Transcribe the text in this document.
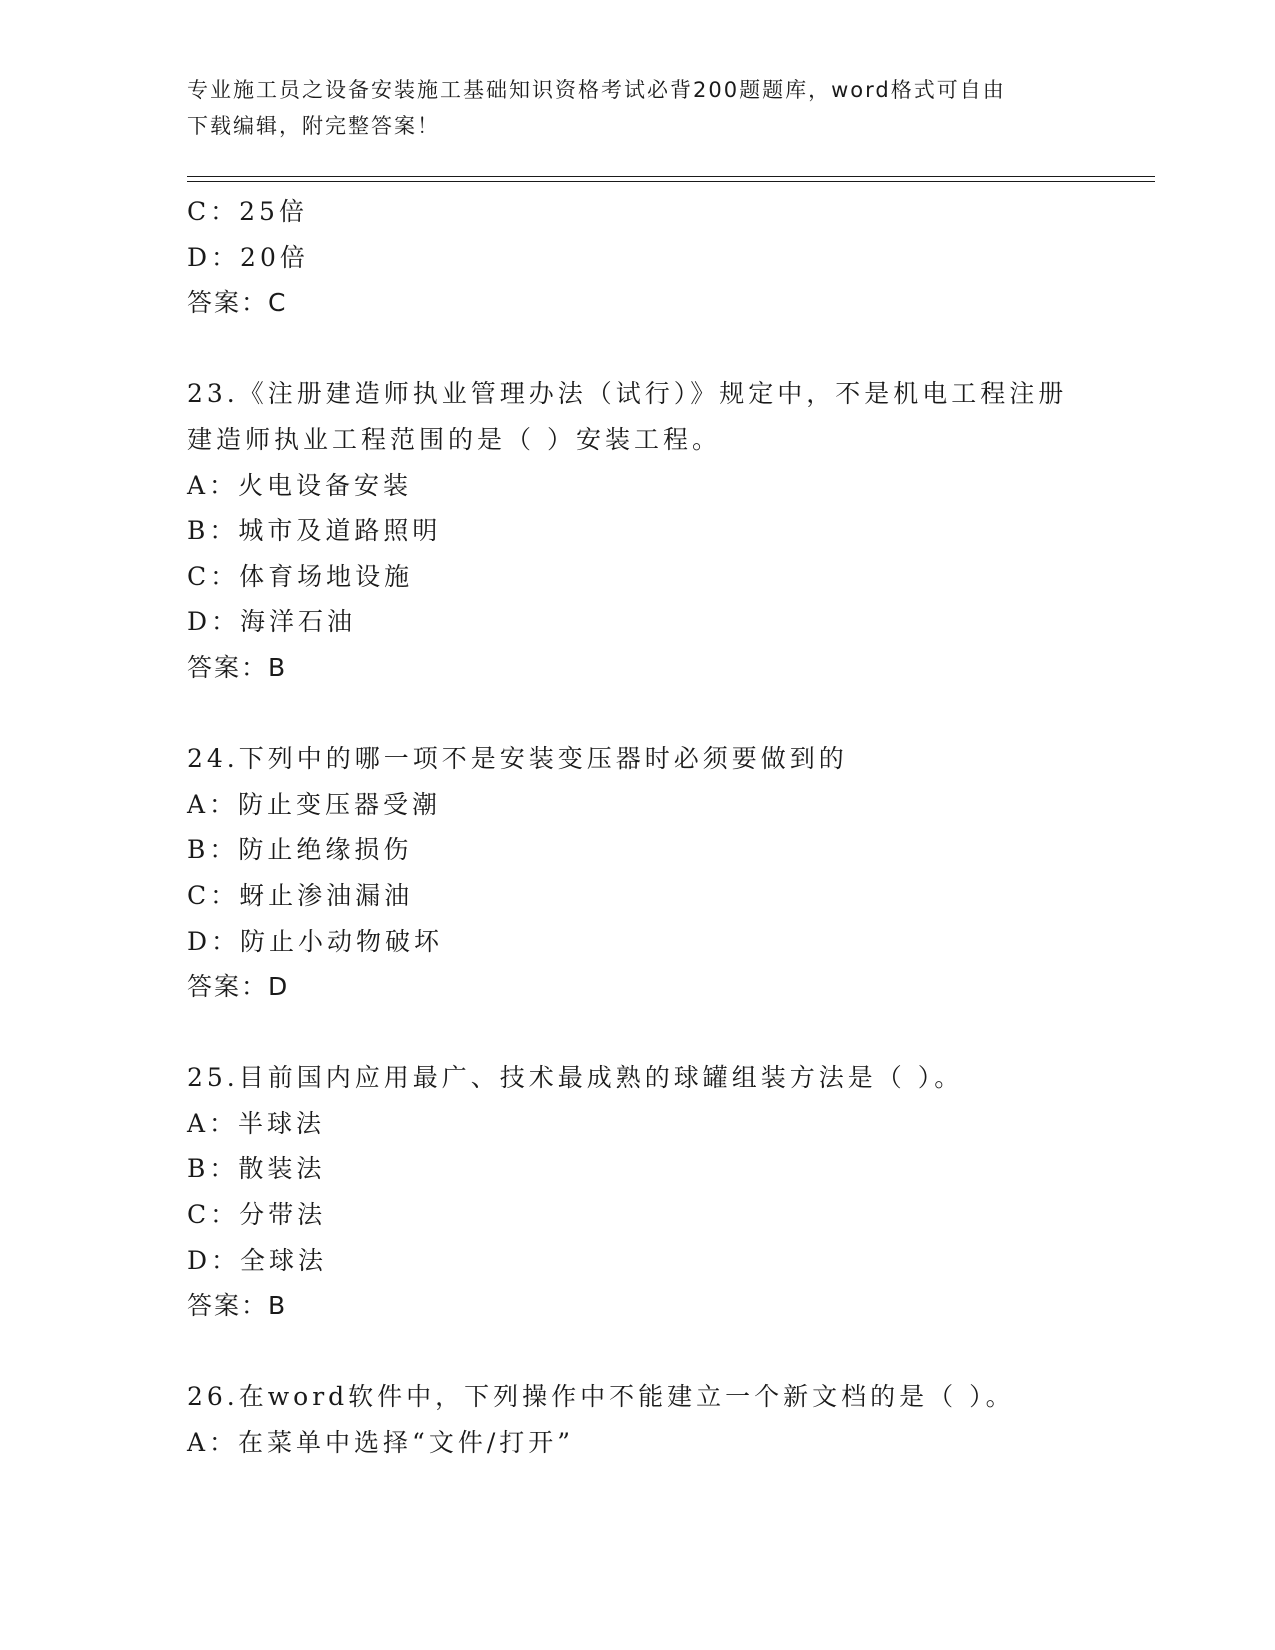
专业施工员之设备安装施工基础知识资格考试必背200题题库，word格式可自由
下载编辑，附完整答案！
C：25倍
D：20倍
答案：C
23.《注册建造师执业管理办法（试行）》规定中，不是机电工程注册
建造师执业工程范围的是（ ）安装工程。
A：火电设备安装
B：城市及道路照明
C：体育场地设施
D：海洋石油
答案：B
24.下列中的哪一项不是安装变压器时必须要做到的
A：防止变压器受潮
B：防止绝缘损伤
C：蚜止渗油漏油
D：防止小动物破坏
答案：D
25.目前国内应用最广、技术最成熟的球罐组装方法是（ ）。
A：半球法
B：散装法
C：分带法
D：全球法
答案：B
26.在word软件中，下列操作中不能建立一个新文档的是（ ）。
A：在菜单中选择“文件/打开”
